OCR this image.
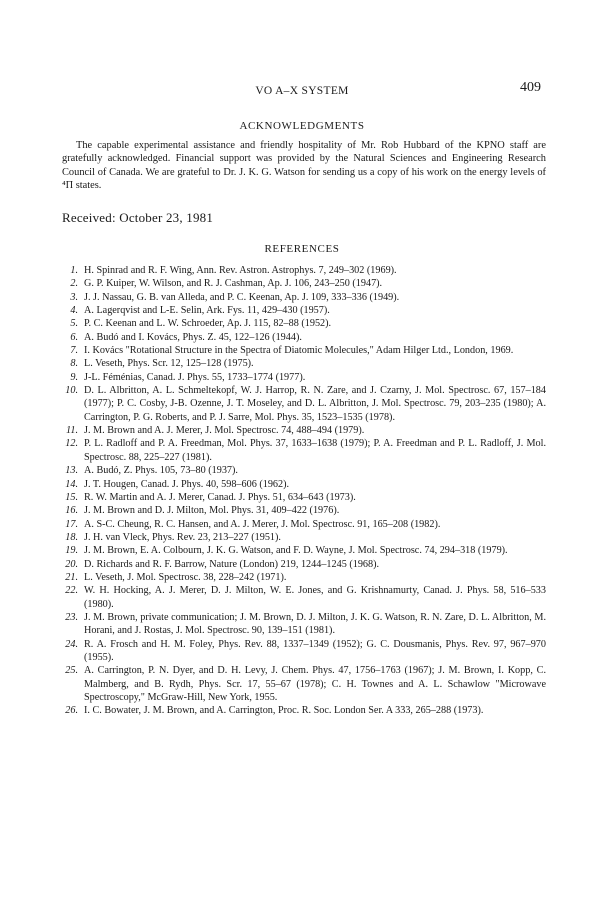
VO A–X SYSTEM	409
ACKNOWLEDGMENTS

The capable experimental assistance and friendly hospitality of Mr. Rob Hubbard of the KPNO staff are gratefully acknowledged. Financial support was provided by the Natural Sciences and Engineering Research Council of Canada. We are grateful to Dr. J. K. G. Watson for sending us a copy of his work on the energy levels of ⁴Π states.

Received: October 23, 1981
REFERENCES
1. H. Spinrad and R. F. Wing, Ann. Rev. Astron. Astrophys. 7, 249–302 (1969).
2. G. P. Kuiper, W. Wilson, and R. J. Cashman, Ap. J. 106, 243–250 (1947).
3. J. J. Nassau, G. B. van Alleda, and P. C. Keenan, Ap. J. 109, 333–336 (1949).
4. A. Lagerqvist and L-E. Selin, Ark. Fys. 11, 429–430 (1957).
5. P. C. Keenan and L. W. Schroeder, Ap. J. 115, 82–88 (1952).
6. A. Budó and I. Kovács, Phys. Z. 45, 122–126 (1944).
7. I. Kovács "Rotational Structure in the Spectra of Diatomic Molecules," Adam Hilger Ltd., London, 1969.
8. L. Veseth, Phys. Scr. 12, 125–128 (1975).
9. J-L. Féménias, Canad. J. Phys. 55, 1733–1774 (1977).
10. D. L. Albritton, A. L. Schmeltekopf, W. J. Harrop, R. N. Zare, and J. Czarny, J. Mol. Spectrosc. 67, 157–184 (1977); P. C. Cosby, J-B. Ozenne, J. T. Moseley, and D. L. Albritton, J. Mol. Spectrosc. 79, 203–235 (1980); A. Carrington, P. G. Roberts, and P. J. Sarre, Mol. Phys. 35, 1523–1535 (1978).
11. J. M. Brown and A. J. Merer, J. Mol. Spectrosc. 74, 488–494 (1979).
12. P. L. Radloff and P. A. Freedman, Mol. Phys. 37, 1633–1638 (1979); P. A. Freedman and P. L. Radloff, J. Mol. Spectrosc. 88, 225–227 (1981).
13. A. Budó, Z. Phys. 105, 73–80 (1937).
14. J. T. Hougen, Canad. J. Phys. 40, 598–606 (1962).
15. R. W. Martin and A. J. Merer, Canad. J. Phys. 51, 634–643 (1973).
16. J. M. Brown and D. J. Milton, Mol. Phys. 31, 409–422 (1976).
17. A. S-C. Cheung, R. C. Hansen, and A. J. Merer, J. Mol. Spectrosc. 91, 165–208 (1982).
18. J. H. van Vleck, Phys. Rev. 23, 213–227 (1951).
19. J. M. Brown, E. A. Colbourn, J. K. G. Watson, and F. D. Wayne, J. Mol. Spectrosc. 74, 294–318 (1979).
20. D. Richards and R. F. Barrow, Nature (London) 219, 1244–1245 (1968).
21. L. Veseth, J. Mol. Spectrosc. 38, 228–242 (1971).
22. W. H. Hocking, A. J. Merer, D. J. Milton, W. E. Jones, and G. Krishnamurty, Canad. J. Phys. 58, 516–533 (1980).
23. J. M. Brown, private communication; J. M. Brown, D. J. Milton, J. K. G. Watson, R. N. Zare, D. L. Albritton, M. Horani, and J. Rostas, J. Mol. Spectrosc. 90, 139–151 (1981).
24. R. A. Frosch and H. M. Foley, Phys. Rev. 88, 1337–1349 (1952); G. C. Dousmanis, Phys. Rev. 97, 967–970 (1955).
25. A. Carrington, P. N. Dyer, and D. H. Levy, J. Chem. Phys. 47, 1756–1763 (1967); J. M. Brown, I. Kopp, C. Malmberg, and B. Rydh, Phys. Scr. 17, 55–67 (1978); C. H. Townes and A. L. Schawlow "Microwave Spectroscopy," McGraw-Hill, New York, 1955.
26. I. C. Bowater, J. M. Brown, and A. Carrington, Proc. R. Soc. London Ser. A 333, 265–288 (1973).
